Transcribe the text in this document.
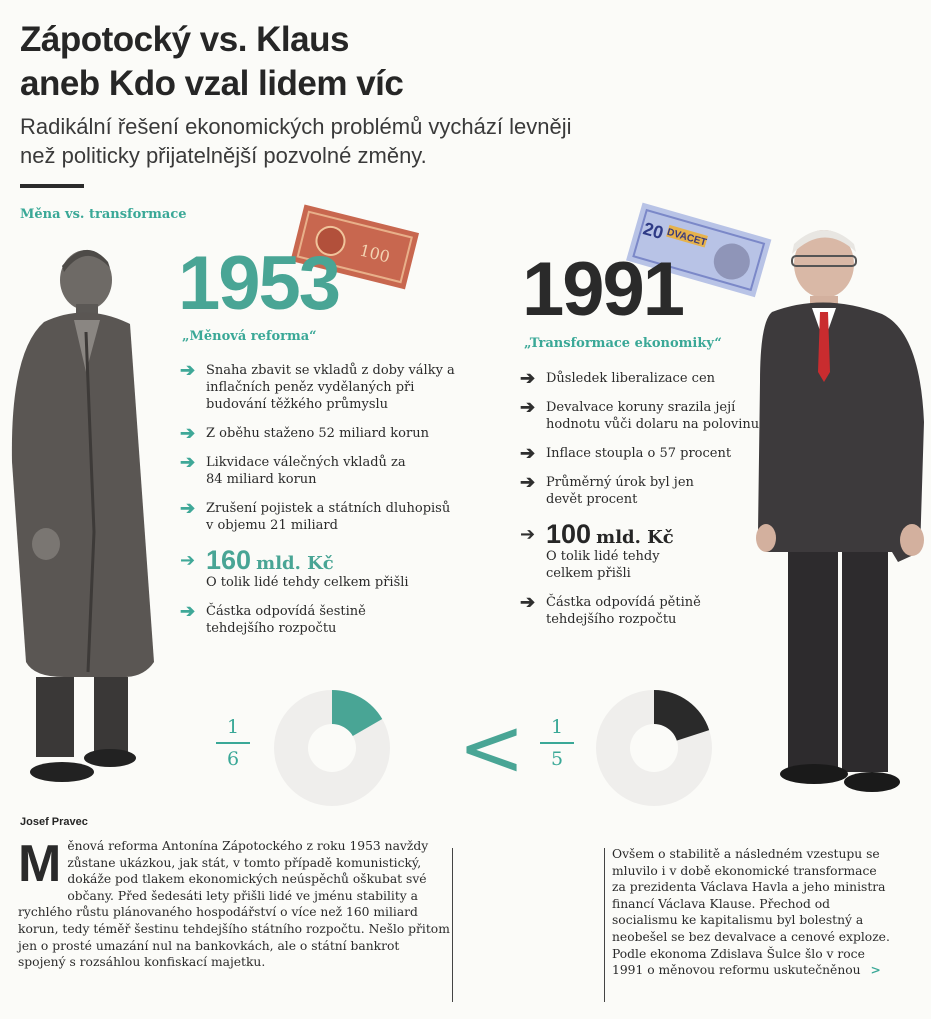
Zápotocký vs. Klaus
aneb Kdo vzal lidem víc
Radikální řešení ekonomických problémů vychází levněji
než politicky přijatelnější pozvolné změny.
Měna vs. transformace
100
DVACET
20
1953 1991
„Měnová reforma“	„Transformace ekonomiky“
➔ Snaha zbavit se vkladů z doby války a inflačních peněz vydělaných při budování těžkého průmyslu
➔ Z oběhu staženo 52 miliard korun
➔ Likvidace válečných vkladů za 84 miliard korun
➔ Zrušení pojistek a státních dluhopisů v objemu 21 miliard
➔ 160 mld. Kč
O tolik lidé tehdy celkem přišli
➔ Částka odpovídá šestině tehdejšího rozpočtu
➔ Důsledek liberalizace cen
➔ Devalvace koruny srazila její hodnotu vůči dolaru na polovinu
➔ Inflace stoupla o 57 procent
➔ Průměrný úrok byl jen devět procent
➔ 100 mld. Kč
O tolik lidé tehdy celkem přišli
➔ Částka odpovídá pětině tehdejšího rozpočtu
1
6	<	1
5
Josef Pravec
Měnová reforma Antonína Zápotockého z roku 1953 navždy zůstane ukázkou, jak stát, v tomto případě komunistický, dokáže pod tlakem ekonomických neúspěchů oškubat své občany. Před šedesáti lety přišli lidé ve jménu stability a rychlého růstu plánovaného hospodářství o více než 160 miliard korun, tedy téměř šestinu tehdejšího státního rozpočtu. Nešlo přitom jen o prosté umazání nul na bankovkách, ale o státní bankrot spojený s rozsáhlou konfiskací majetku.
Ovšem o stabilitě a následném vzestupu se mluvilo i v době ekonomické transformace za prezidenta Václava Havla a jeho ministra financí Václava Klause. Přechod od socialismu ke kapitalismu byl bolestný a neobešel se bez devalvace a cenové exploze. Podle ekonoma Zdislava Šulce šlo v roce 1991 o měnovou reformu uskutečněnou >
